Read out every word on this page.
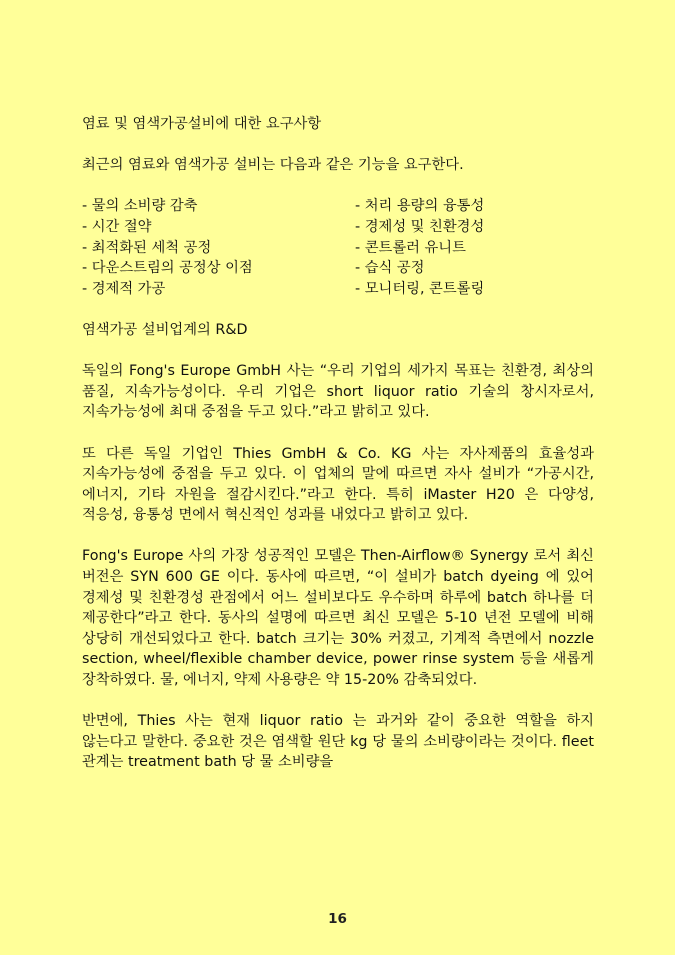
염료 및 염색가공설비에 대한 요구사항
최근의 염료와 염색가공 설비는 다음과 같은 기능을 요구한다.
- 물의 소비량 감축	- 처리 용량의 융통성
- 시간 절약	- 경제성 및 친환경성
- 최적화된 세척 공정	- 콘트롤러 유니트
- 다운스트림의 공정상 이점	- 습식 공정
- 경제적 가공	- 모니터링, 콘트롤링
염색가공 설비업계의 R&D
독일의 Fong's Europe GmbH 사는 “우리 기업의 세가지 목표는 친환경, 최상의 품질, 지속가능성이다. 우리 기업은 short liquor ratio 기술의 창시자로서, 지속가능성에 최대 중점을 두고 있다.”라고 밝히고 있다.
또 다른 독일 기업인 Thies GmbH & Co. KG 사는 자사제품의 효율성과 지속가능성에 중점을 두고 있다. 이 업체의 말에 따르면 자사 설비가 “가공시간, 에너지, 기타 자원을 절감시킨다.”라고 한다. 특히 iMaster H20 은 다양성, 적응성, 융통성 면에서 혁신적인 성과를 내었다고 밝히고 있다.
Fong's Europe 사의 가장 성공적인 모델은 Then-Airflow® Synergy 로서 최신 버전은 SYN 600 GE 이다. 동사에 따르면, “이 설비가 batch dyeing 에 있어 경제성 및 친환경성 관점에서 어느 설비보다도 우수하며 하루에 batch 하나를 더 제공한다”라고 한다. 동사의 설명에 따르면 최신 모델은 5-10 년전 모델에 비해 상당히 개선되었다고 한다. batch 크기는 30% 커졌고, 기계적 측면에서 nozzle section, wheel/flexible chamber device, power rinse system 등을 새롭게 장착하였다. 물, 에너지, 약제 사용량은 약 15-20% 감축되었다.
반면에, Thies 사는 현재 liquor ratio 는 과거와 같이 중요한 역할을 하지 않는다고 말한다. 중요한 것은 염색할 원단 kg 당 물의 소비량이라는 것이다. fleet 관계는 treatment bath 당 물 소비량을
16
